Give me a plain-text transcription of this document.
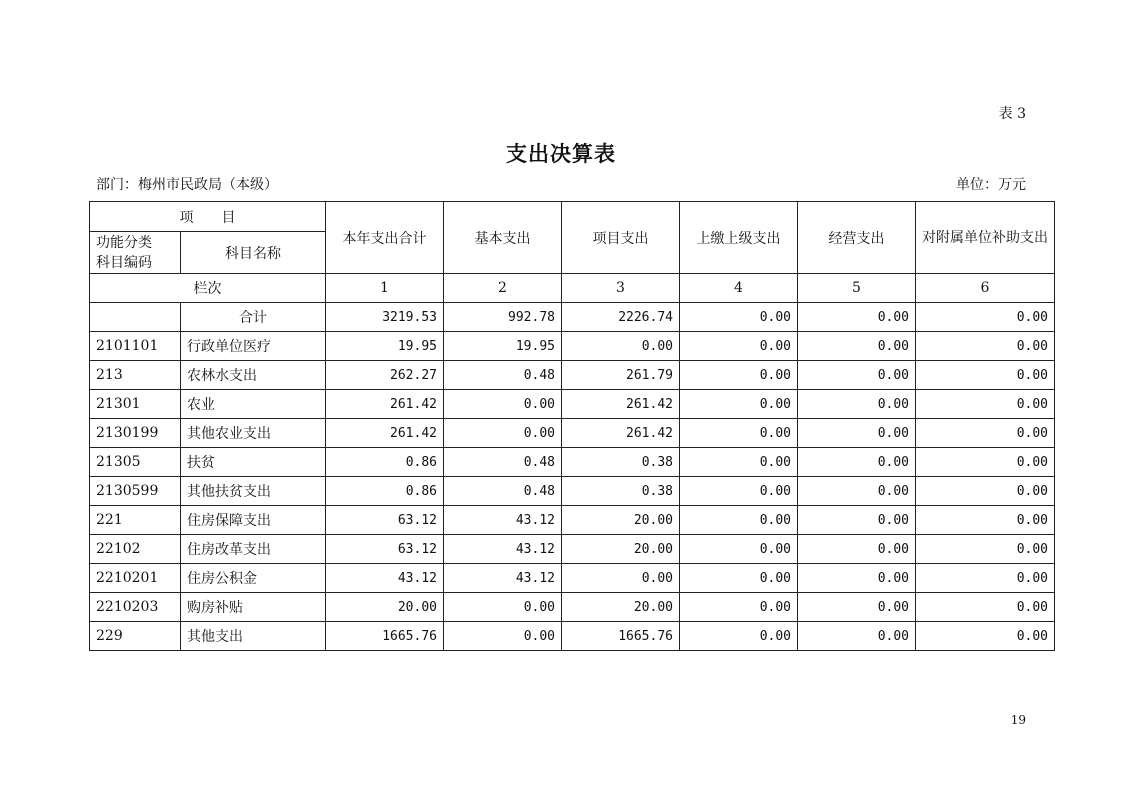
表 3
支出决算表
部门：梅州市民政局（本级）	单位：万元
项　　目		本年支出合计	基本支出	项目支出	上缴上级支出	经营支出	对附属单位补助支出
功能分类
科目编码	科目名称						
栏次		1	2	3	4	5	6
	合计	3219.53	992.78	2226.74	0.00	0.00	0.00
2101101	行政单位医疗	19.95	19.95	0.00	0.00	0.00	0.00
213	农林水支出	262.27	0.48	261.79	0.00	0.00	0.00
21301	农业	261.42	0.00	261.42	0.00	0.00	0.00
2130199	其他农业支出	261.42	0.00	261.42	0.00	0.00	0.00
21305	扶贫	0.86	0.48	0.38	0.00	0.00	0.00
2130599	其他扶贫支出	0.86	0.48	0.38	0.00	0.00	0.00
221	住房保障支出	63.12	43.12	20.00	0.00	0.00	0.00
22102	住房改革支出	63.12	43.12	20.00	0.00	0.00	0.00
2210201	住房公积金	43.12	43.12	0.00	0.00	0.00	0.00
2210203	购房补贴	20.00	0.00	20.00	0.00	0.00	0.00
229	其他支出	1665.76	0.00	1665.76	0.00	0.00	0.00
19
